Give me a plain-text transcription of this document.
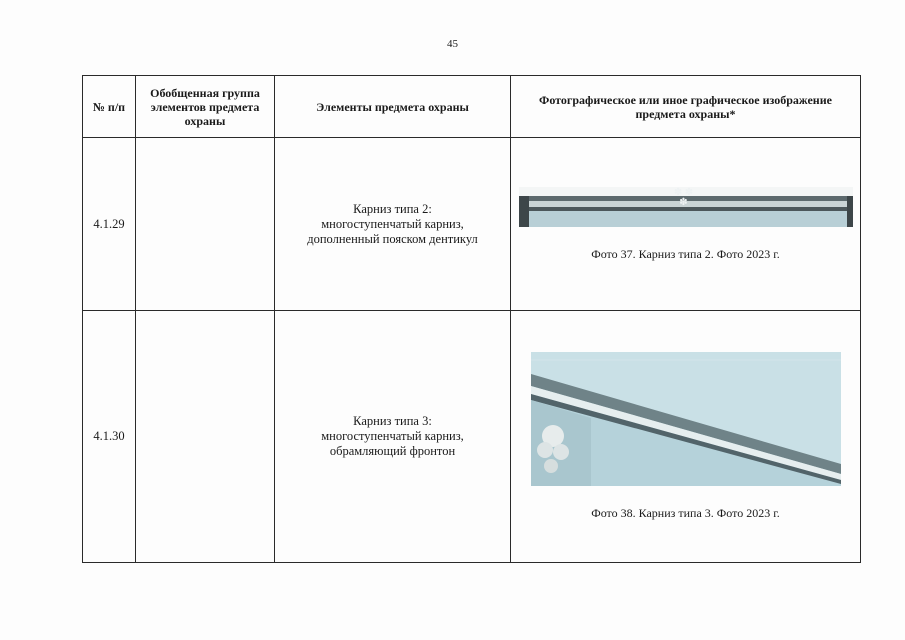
45
№ п/п	Обобщенная группа
элементов предмета
охраны	Элементы предмета охраны	Фотографическое или иное графическое изображение
предмета охраны*

4.1.29		Карниз типа 2:
многоступенчатый карниз,
дополненный пояском дентикул	✽ ✽ ✽
Фото 37. Карниз типа 2. Фото 2023 г.

4.1.30		Карниз типа 3:
многоступенчатый карниз,
обрамляющий фронтон	Фото 38. Карниз типа 3. Фото 2023 г.
